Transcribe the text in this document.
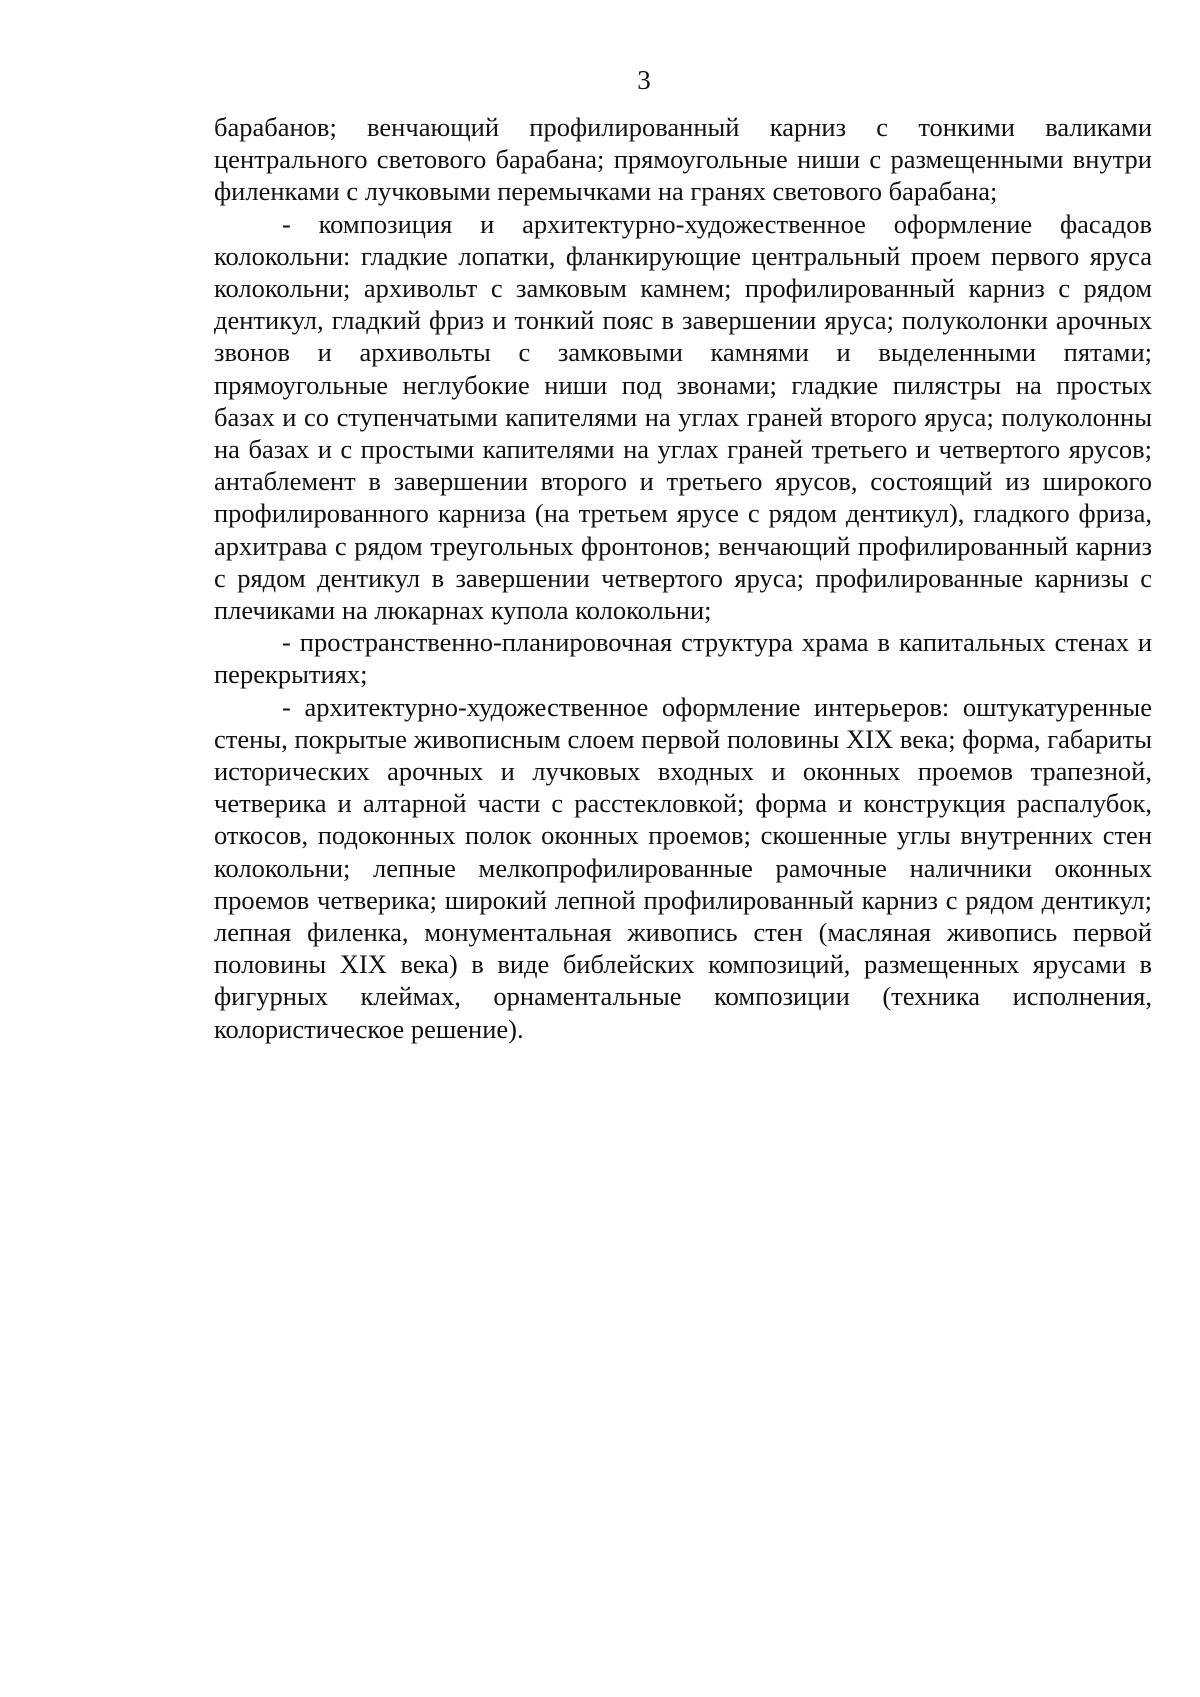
3

барабанов; венчающий профилированный карниз с тонкими валиками центрального светового барабана; прямоугольные ниши с размещенными внутри филенками с лучковыми перемычками на гранях светового барабана;

- композиция и архитектурно-художественное оформление фасадов колокольни: гладкие лопатки, фланкирующие центральный проем первого яруса колокольни; архивольт с замковым камнем; профилированный карниз с рядом дентикул, гладкий фриз и тонкий пояс в завершении яруса; полуколонки арочных звонов и архивольты с замковыми камнями и выделенными пятами; прямоугольные неглубокие ниши под звонами; гладкие пилястры на простых базах и со ступенчатыми капителями на углах граней второго яруса; полуколонны на базах и с простыми капителями на углах граней третьего и четвертого ярусов; антаблемент в завершении второго и третьего ярусов, состоящий из широкого профилированного карниза (на третьем ярусе с рядом дентикул), гладкого фриза, архитрава с рядом треугольных фронтонов; венчающий профилированный карниз с рядом дентикул в завершении четвертого яруса; профилированные карнизы с плечиками на люкарнах купола колокольни;

- пространственно-планировочная структура храма в капитальных стенах и перекрытиях;

- архитектурно-художественное оформление интерьеров: оштукатуренные стены, покрытые живописным слоем первой половины XIX века; форма, габариты исторических арочных и лучковых входных и оконных проемов трапезной, четверика и алтарной части с расстекловкой; форма и конструкция распалубок, откосов, подоконных полок оконных проемов; скошенные углы внутренних стен колокольни; лепные мелкопрофилированные рамочные наличники оконных проемов четверика; широкий лепной профилированный карниз с рядом дентикул; лепная филенка, монументальная живопись стен (масляная живопись первой половины XIX века) в виде библейских композиций, размещенных ярусами в фигурных клеймах, орнаментальные композиции (техника исполнения, колористическое решение).
